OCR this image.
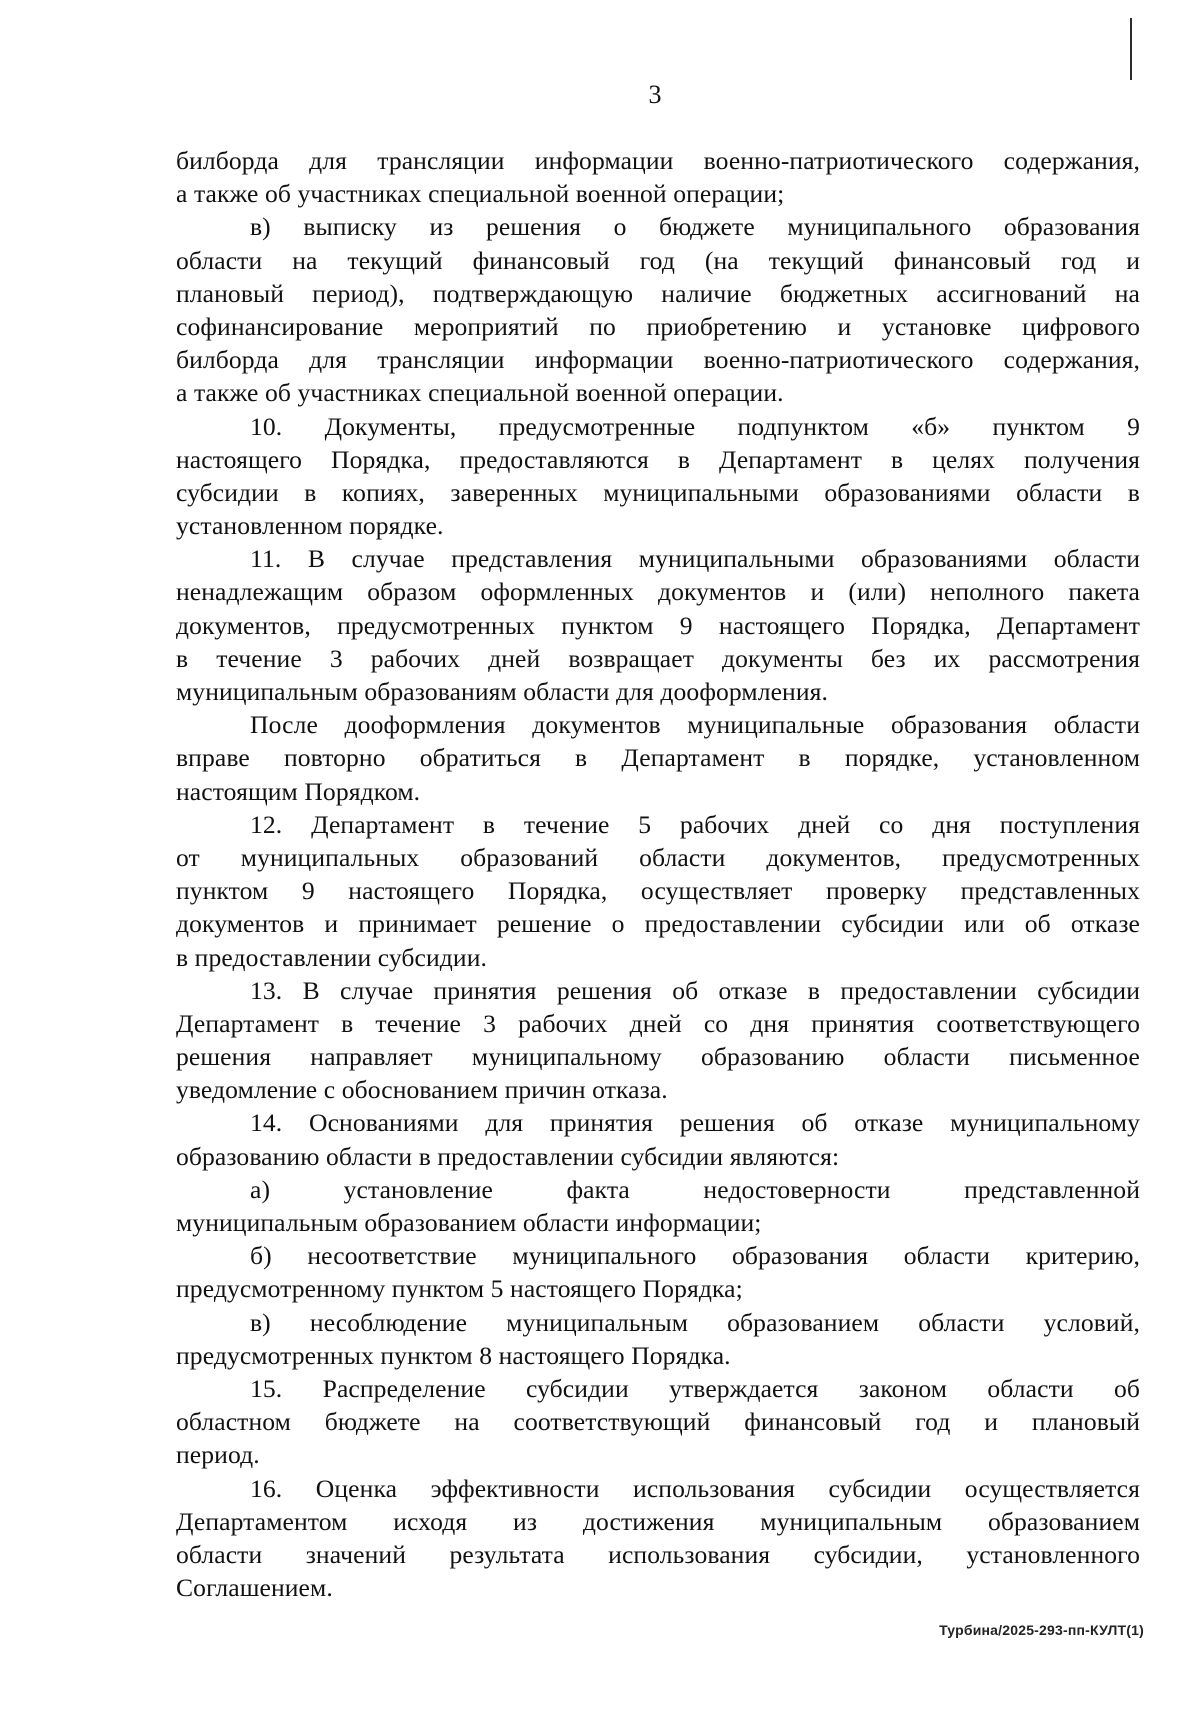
3
билборда для трансляции информации военно-патриотического содержания,
а также об участниках специальной военной операции;
в) выписку из решения о бюджете муниципального образования
области на текущий финансовый год (на текущий финансовый год и
плановый период), подтверждающую наличие бюджетных ассигнований на
софинансирование мероприятий по приобретению и установке цифрового
билборда для трансляции информации военно-патриотического содержания,
а также об участниках специальной военной операции.
10. Документы, предусмотренные подпунктом «б» пунктом 9
настоящего Порядка, предоставляются в Департамент в целях получения
субсидии в копиях, заверенных муниципальными образованиями области в
установленном порядке.
11. В случае представления муниципальными образованиями области
ненадлежащим образом оформленных документов и (или) неполного пакета
документов, предусмотренных пунктом 9 настоящего Порядка, Департамент
в течение 3 рабочих дней возвращает документы без их рассмотрения
муниципальным образованиям области для дооформления.
После дооформления документов муниципальные образования области
вправе повторно обратиться в Департамент в порядке, установленном
настоящим Порядком.
12. Департамент в течение 5 рабочих дней со дня поступления
от муниципальных образований области документов, предусмотренных
пунктом 9 настоящего Порядка, осуществляет проверку представленных
документов и принимает решение о предоставлении субсидии или об отказе
в предоставлении субсидии.
13. В случае принятия решения об отказе в предоставлении субсидии
Департамент в течение 3 рабочих дней со дня принятия соответствующего
решения направляет муниципальному образованию области письменное
уведомление с обоснованием причин отказа.
14. Основаниями для принятия решения об отказе муниципальному
образованию области в предоставлении субсидии являются:
а) установление факта недостоверности представленной
муниципальным образованием области информации;
б) несоответствие муниципального образования области критерию,
предусмотренному пунктом 5 настоящего Порядка;
в) несоблюдение муниципальным образованием области условий,
предусмотренных пунктом 8 настоящего Порядка.
15. Распределение субсидии утверждается законом области об
областном бюджете на соответствующий финансовый год и плановый
период.
16. Оценка эффективности использования субсидии осуществляется
Департаментом исходя из достижения муниципальным образованием
области значений результата использования субсидии, установленного
Соглашением.
Турбина/2025-293-пп-КУЛТ(1)
